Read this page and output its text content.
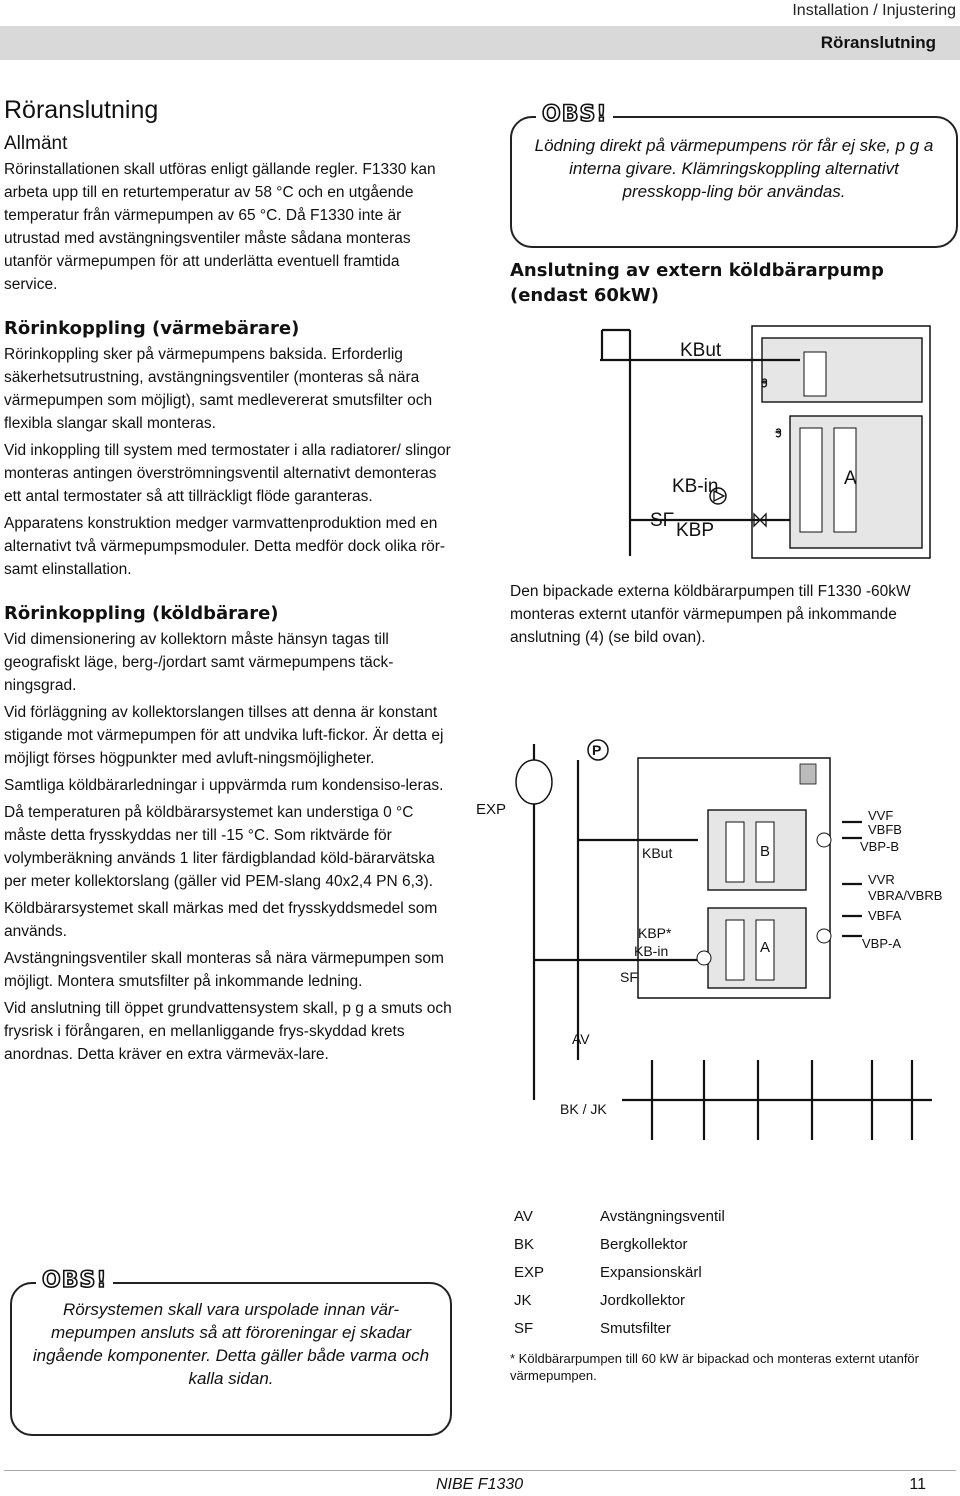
Installation / Injustering
Röranslutning
Röranslutning
Allmänt

Rörinstallationen skall utföras enligt gällande regler. F1330 kan arbeta upp till en returtemperatur av 58 °C och en utgående temperatur från värmepumpen av 65 °C. Då F1330 inte är utrustad med avstängningsventiler måste sådana monteras utanför värmepumpen för att underlätta eventuell framtida service.

Rörinkoppling (värmebärare)

Rörinkoppling sker på värmepumpens baksida. Erforderlig säkerhetsutrustning, avstängningsventiler (monteras så nära värmepumpen som möjligt), samt medlevererat smutsfilter och flexibla slangar skall monteras.

Vid inkoppling till system med termostater i alla radiatorer/ slingor monteras antingen överströmningsventil alternativt demonteras ett antal termostater så att tillräckligt flöde garanteras.

Apparatens konstruktion medger varmvattenproduktion med en alternativt två värmepumpsmoduler. Detta medför dock olika rör- samt elinstallation.

Rörinkoppling (köldbärare)

Vid dimensionering av kollektorn måste hänsyn tagas till geografiskt läge, berg-/jordart samt värmepumpens täck-ningsgrad.

Vid förläggning av kollektorslangen tillses att denna är konstant stigande mot värmepumpen för att undvika luft-fickor. Är detta ej möjligt förses högpunkter med avluft-ningsmöjligheter.

Samtliga köldbärarledningar i uppvärmda rum kondensiso-leras.

Då temperaturen på köldbärarsystemet kan understiga 0 °C måste detta frysskyddas ner till -15 °C. Som riktvärde för volymberäkning används 1 liter färdigblandad köld-bärarvätska per meter kollektorslang (gäller vid PEM-slang 40x2,4 PN 6,3).

Köldbärarsystemet skall märkas med det frysskyddsmedel som används.

Avstängningsventiler skall monteras så nära värmepumpen som möjligt. Montera smutsfilter på inkommande ledning.

Vid anslutning till öppet grundvattensystem skall, p g a smuts och frysrisk i förångaren, en mellanliggande frys-skyddad krets anordnas. Detta kräver en extra värmeväx-lare.

OBS!
Rörsystemen skall vara urspolade innan vär-mepumpen ansluts så att föroreningar ej skadar ingående komponenter. Detta gäller både varma och kalla sidan.
OBS!
Lödning direkt på värmepumpens rör får ej ske, p g a interna givare. Klämringskoppling alternativt presskopp-ling bör användas.
Anslutning av extern köldbärarpump (endast 60kW)
KBut
KB-in
SF KBP
A

Den bipackade externa köldbärarpumpen till F1330 -60kW monteras externt utanför värmepumpen på inkommande anslutning (4) (se bild ovan).

P
EXP
KBut	B
VVF
VBFB
VBP-B
VVR
VBRA/VBRB
VBFA
VBP-A
KBP*
KB-in	A
SF
AV
BK / JK
AV	Avstängningsventil
BK	Bergkollektor
EXP	Expansionskärl
JK	Jordkollektor
SF	Smutsfilter
* Köldbärarpumpen till 60 kW är bipackad och monteras externt utanför värmepumpen.
NIBE F1330	11
